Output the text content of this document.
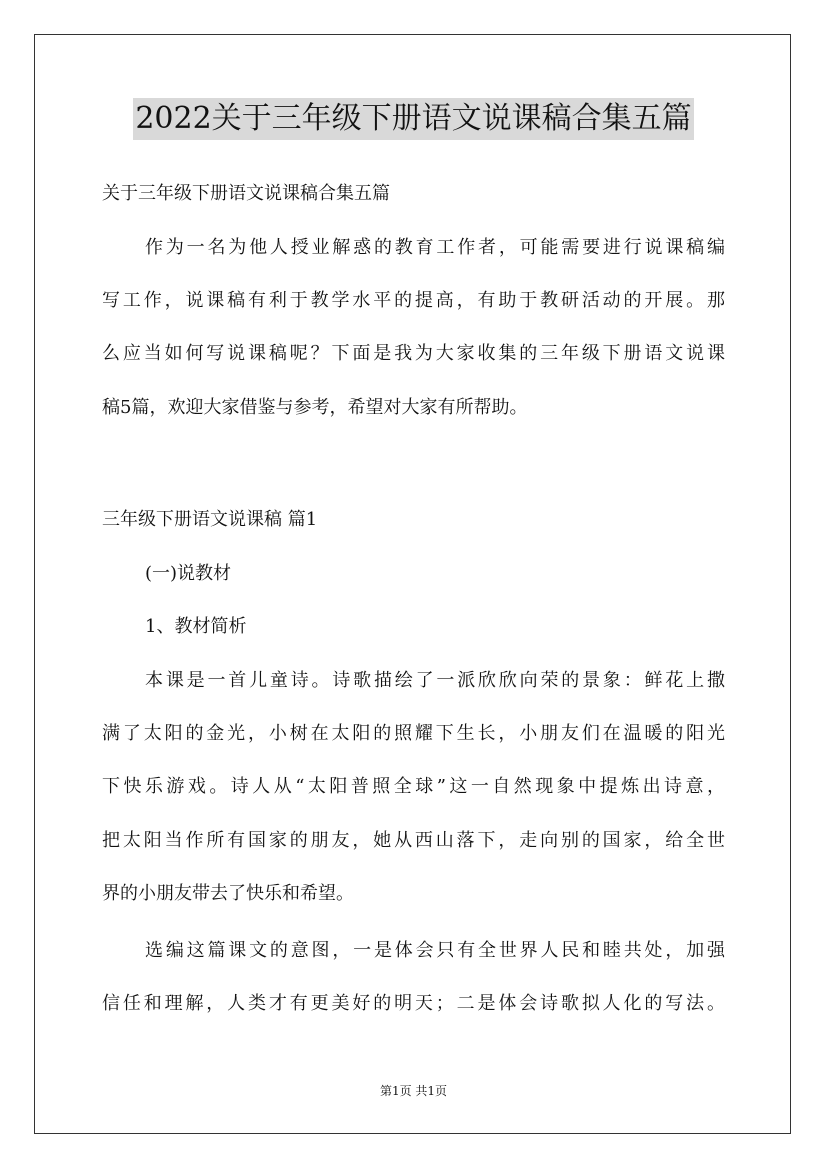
2022关于三年级下册语文说课稿合集五篇
关于三年级下册语文说课稿合集五篇
作为一名为他人授业解惑的教育工作者，可能需要进行说课稿编
写工作，说课稿有利于教学水平的提高，有助于教研活动的开展。那
么应当如何写说课稿呢？下面是我为大家收集的三年级下册语文说课
稿5篇，欢迎大家借鉴与参考，希望对大家有所帮助。
三年级下册语文说课稿 篇1
(一)说教材
1、教材简析
本课是一首儿童诗。诗歌描绘了一派欣欣向荣的景象：鲜花上撒
满了太阳的金光，小树在太阳的照耀下生长，小朋友们在温暖的阳光
下快乐游戏。诗人从“太阳普照全球”这一自然现象中提炼出诗意，
把太阳当作所有国家的朋友，她从西山落下，走向别的国家，给全世
界的小朋友带去了快乐和希望。
选编这篇课文的意图，一是体会只有全世界人民和睦共处，加强
信任和理解，人类才有更美好的明天；二是体会诗歌拟人化的写法。
第1页 共1页
